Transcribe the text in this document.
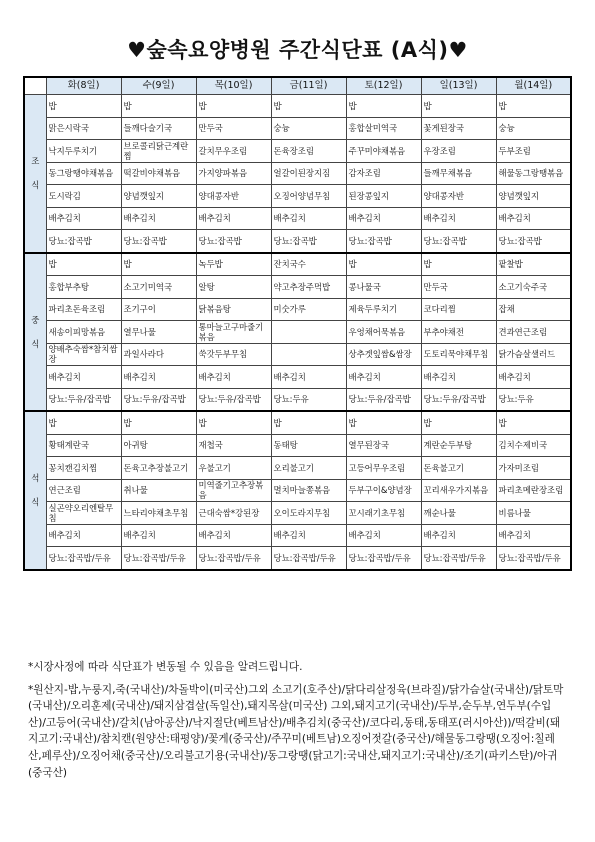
♥숲속요양병원 주간식단표 (A식)♥
	화(8일)	수(9일)	목(10일)	금(11일)	토(12일)	일(13일)	월(14일)

조
식	밥	밥	밥	밥	밥	밥	밥
	맑은시락국	들깨다슬기국	만두국	숭늉	홍합살미역국	꽃게된장국	숭늉
	낙지두루치기	브로콜리닭근계란찜	갈치무우조림	돈육장조림	주꾸미야채볶음	우장조림	두부조림
	동그랑땡야채볶음	떡갈비야채볶음	가지양파볶음	얼갈이된장지짐	감자조림	들깨무채볶음	해물동그랑땡볶음
	도시락김	양념깻잎지	양대콩자반	오징어양념무침	된장콩잎지	양대콩자반	양념깻잎지
	배추김치	배추김치	배추김치	배추김치	배추김치	배추김치	배추김치
	당뇨:잡곡밥	당뇨:잡곡밥	당뇨:잡곡밥	당뇨:잡곡밥	당뇨:잡곡밥	당뇨:잡곡밥	당뇨:잡곡밥

중
식	밥	밥	녹두밥	잔치국수	밥	밥	팥찰밥
	홍합부추탕	소고기미역국	알탕	약고추장주먹밥	콩나물국	만두국	소고기숙주국
	파리초돈육조림	조기구이	닭볶음탕	미숫가루	제육두루치기	코다리찜	잡채
	새송이피망볶음	열무나물	통마늘고구마줄기볶음		우엉채어묵볶음	부추야채전	견과연근조림
	양배추숙쌈*참치쌈장	과일사라다	쑥갓두부무침		상추겟잎쌈&쌈장	도토리묵야채무침	닭가슴살샐러드
	배추김치	배추김치	배추김치	배추김치	배추김치	배추김치	배추김치
	당뇨:두유/잡곡밥	당뇨:두유/잡곡밥	당뇨:두유/잡곡밥	당뇨:두유	당뇨:두유/잡곡밥	당뇨:두유/잡곡밥	당뇨:두유

석
식	밥	밥	밥	밥	밥	밥	밥
	황태계란국	아귀탕	재첩국	동태탕	열무된장국	계란순두부탕	김치수제비국
	꽁치캔김치찜	돈육고추장불고기	우불고기	오리불고기	고등어무우조림	돈육불고기	가자미조림
	연근조림	취나물	미역줄기고추장볶음	멸치마늘쫑볶음	두부구이&양념장	꼬리새우가지볶음	파리초메란장조림
	실곤약오리엔탈무침	느타리야채초무침	근대숙쌈*강된장	오이도라지무침	꼬시래기초무침	깨순나물	비름나물
	배추김치	배추김치	배추김치	배추김치	배추김치	배추김치	배추김치
	당뇨:잡곡밥/두유	당뇨:잡곡밥/두유	당뇨:잡곡밥/두유	당뇨:잡곡밥/두유	당뇨:잡곡밥/두유	당뇨:잡곡밥/두유	당뇨:잡곡밥/두유

*시장사정에 따라 식단표가 변동될 수 있음을 알려드립니다.

*원산지-밥,누룽지,죽(국내산)/차돌박이(미국산)그외 소고기(호주산)/닭다리살정육(브라질)/닭가슴살(국내산)/닭토막(국내산)/오리훈제(국내산)/돼지삼겹살(독일산),돼지목살(미국산) 그외,돼지고기(국내산)/두부,순두부,연두부(수입산)/고등어(국내산)/갈치(남아공산)/낙지절단(베트남산)/배추김치(중국산)/코다리,동태,동태포(러시아산))/떡갈비(돼지고기:국내산)/참치캔(원양산:태평양)/꽃게(중국산)/주꾸미(베트남)오징어젓갈(중국산)/해물동그랑땡(오징어:칠레산,페루산)/오징어채(중국산)/오리불고기용(국내산)/동그랑땡(닭고기:국내산,돼지고기:국내산)/조기(파키스탄)/아귀(중국산)
